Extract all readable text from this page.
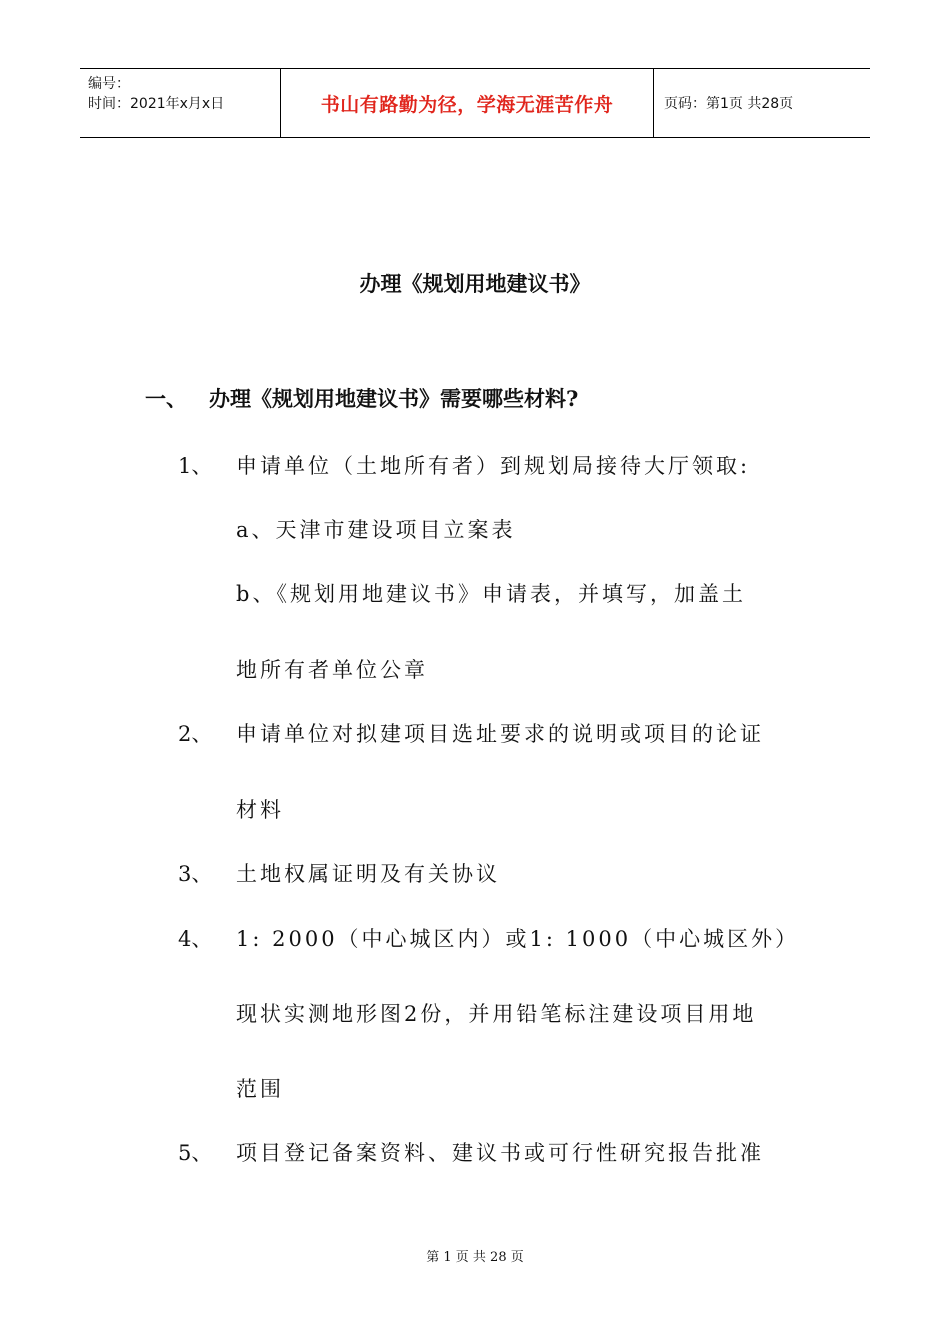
编号：
时间：2021年x月x日	书山有路勤为径，学海无涯苦作舟	页码：第1页 共28页
办理《规划用地建议书》
一、 办理《规划用地建议书》需要哪些材料?
1、 申请单位（土地所有者）到规划局接待大厅领取:
a、天津市建设项目立案表
b、《规划用地建议书》申请表，并填写，加盖土
地所有者单位公章
2、 申请单位对拟建项目选址要求的说明或项目的论证
材料
3、 土地权属证明及有关协议
4、 1: 2000（中心城区内）或1: 1000（中心城区外）
现状实测地形图2份，并用铅笔标注建设项目用地
范围
5、 项目登记备案资料、建议书或可行性研究报告批准
第 1 页 共 28 页
